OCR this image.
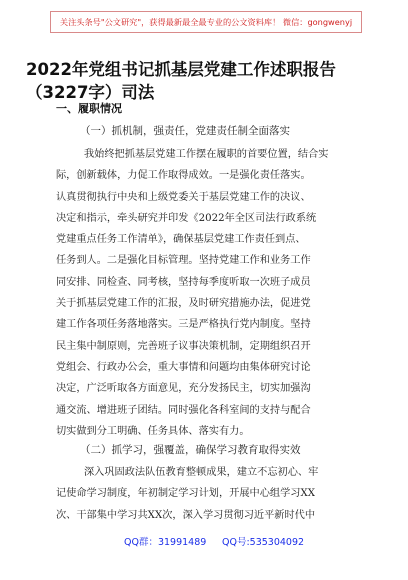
关注头条号"公文研究"，获得最新最全最专业的公文资料库！ 微信：gongwenyj
2022年党组书记抓基层党建工作述职报告（3227字）司法
一、履职情况

（一）抓机制，强责任，党建责任制全面落实

我始终把抓基层党建工作摆在履职的首要位置，结合实
际，创新载体，力促工作取得成效。一是强化责任落实。
认真贯彻执行中央和上级党委关于基层党建工作的决议、
决定和指示，牵头研究并印发《2022年全区司法行政系统
党建重点任务工作清单》，确保基层党建工作责任到点、
任务到人。二是强化目标管理。坚持党建工作和业务工作
同安排、同检查、同考核，坚持每季度听取一次班子成员
关于抓基层党建工作的汇报，及时研究措施办法，促进党
建工作各项任务落地落实。三是严格执行党内制度。坚持
民主集中制原则，完善班子议事决策机制，定期组织召开
党组会、行政办公会，重大事情和问题均由集体研究讨论
决定，广泛听取各方面意见，充分发扬民主，切实加强沟
通交流、增进班子团结。同时强化各科室间的支持与配合
切实做到分工明确、任务具体、落实有力。

（二）抓学习，强覆盖，确保学习教育取得实效

深入巩固政法队伍教育整顿成果，建立不忘初心、牢
记使命学习制度，年初制定学习计划，开展中心组学习XX
次、干部集中学习共XX次，深入学习贯彻习近平新时代中
QQ群：31991489 QQ号:535304092
